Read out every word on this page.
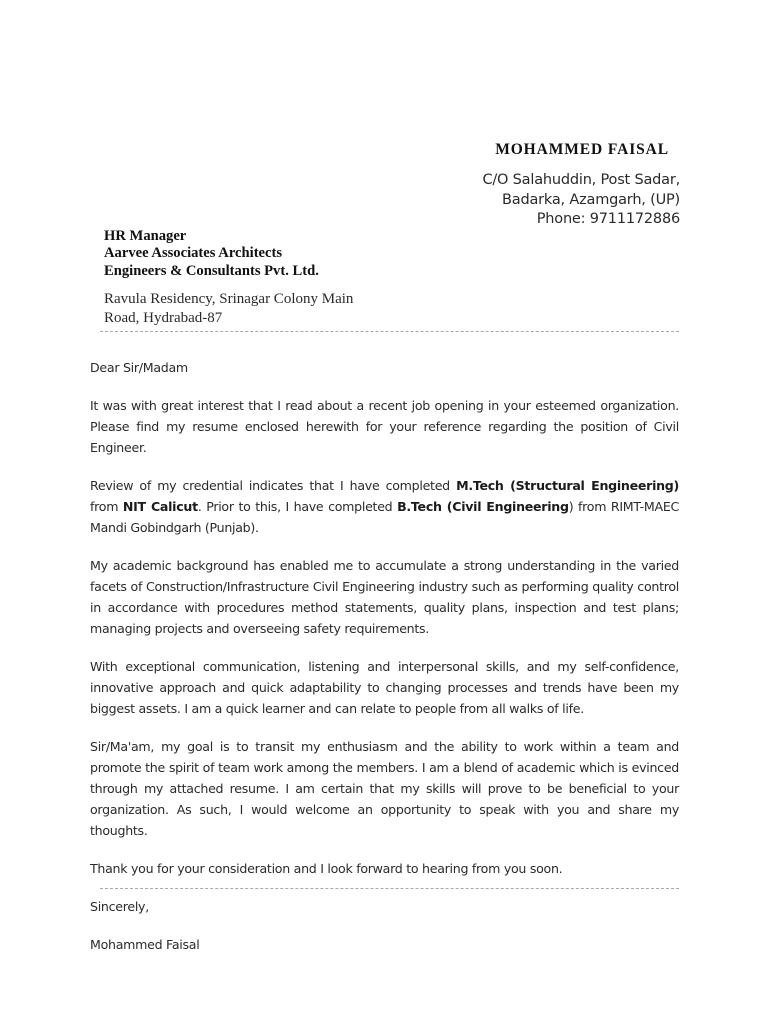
MOHAMMED FAISAL
C/O Salahuddin, Post Sadar,
Badarka, Azamgarh, (UP)
Phone: 9711172886
HR Manager
Aarvee Associates Architects
Engineers & Consultants Pvt. Ltd.
Ravula Residency, Srinagar Colony Main
Road, Hydrabad-87

Dear Sir/Madam

It was with great interest that I read about a recent job opening in your esteemed organization. Please find my resume enclosed herewith for your reference regarding the position of Civil Engineer.

Review of my credential indicates that I have completed M.Tech (Structural Engineering) from NIT Calicut. Prior to this, I have completed B.Tech (Civil Engineering) from RIMT-MAEC Mandi Gobindgarh (Punjab).

My academic background has enabled me to accumulate a strong understanding in the varied facets of Construction/Infrastructure Civil Engineering industry such as performing quality control in accordance with procedures method statements, quality plans, inspection and test plans; managing projects and overseeing safety requirements.

With exceptional communication, listening and interpersonal skills, and my self-confidence, innovative approach and quick adaptability to changing processes and trends have been my biggest assets. I am a quick learner and can relate to people from all walks of life.

Sir/Ma'am, my goal is to transit my enthusiasm and the ability to work within a team and promote the spirit of team work among the members. I am a blend of academic which is evinced through my attached resume. I am certain that my skills will prove to be beneficial to your organization. As such, I would welcome an opportunity to speak with you and share my thoughts.

Thank you for your consideration and I look forward to hearing from you soon.

Sincerely,

Mohammed Faisal
